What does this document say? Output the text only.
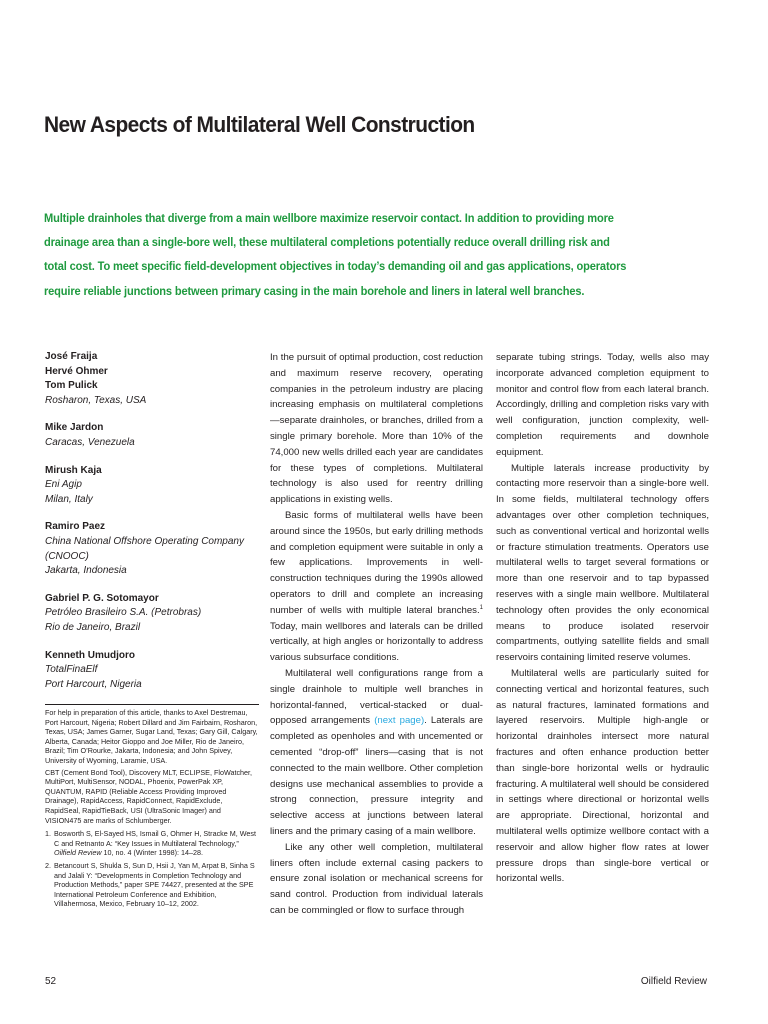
New Aspects of Multilateral Well Construction

Multiple drainholes that diverge from a main wellbore maximize reservoir contact. In addition to providing more
drainage area than a single-bore well, these multilateral completions potentially reduce overall drilling risk and
total cost. To meet specific field-development objectives in today’s demanding oil and gas applications, operators
require reliable junctions between primary casing in the main borehole and liners in lateral well branches.

José Fraija
Hervé Ohmer
Tom Pulick
Rosharon, Texas, USA
Mike Jardon
Caracas, Venezuela
Mirush Kaja
Eni Agip
Milan, Italy
Ramiro Paez
China National Offshore Operating Company
(CNOOC)
Jakarta, Indonesia
Gabriel P. G. Sotomayor
Petróleo Brasileiro S.A. (Petrobras)
Rio de Janeiro, Brazil
Kenneth Umudjoro
TotalFinaElf
Port Harcourt, Nigeria

For help in preparation of this article, thanks to Axel Destremau, Port Harcourt, Nigeria; Robert Dillard and Jim Fairbairn, Rosharon, Texas, USA; James Garner, Sugar Land, Texas; Gary Gill, Calgary, Alberta, Canada; Heitor Gioppo and Joe Miller, Rio de Janeiro, Brazil; Tim O’Rourke, Jakarta, Indonesia; and John Spivey, University of Wyoming, Laramie, USA.

CBT (Cement Bond Tool), Discovery MLT, ECLIPSE, FloWatcher, MultiPort, MultiSensor, NODAL, Phoenix, PowerPak XP, QUANTUM, RAPID (Reliable Access Providing Improved Drainage), RapidAccess, RapidConnect, RapidExclude, RapidSeal, RapidTieBack, USI (UltraSonic Imager) and VISION475 are marks of Schlumberger.

1. Bosworth S, El-Sayed HS, Ismail G, Ohmer H, Stracke M, West C and Retnanto A: “Key Issues in Multilateral Technology,” Oilfield Review 10, no. 4 (Winter 1998): 14–28.
2. Betancourt S, Shukla S, Sun D, Hsii J, Yan M, Arpat B, Sinha S and Jalali Y: “Developments in Completion Technology and Production Methods,” paper SPE 74427, presented at the SPE International Petroleum Conference and Exhibition, Villahermosa, Mexico, February 10–12, 2002.

In the pursuit of optimal production, cost reduction and maximum reserve recovery, operating companies in the petroleum industry are placing increasing emphasis on multilateral completions—separate drainholes, or branches, drilled from a single primary borehole. More than 10% of the 74,000 new wells drilled each year are candidates for these types of completions. Multilateral technology is also used for reentry drilling applications in existing wells.

Basic forms of multilateral wells have been around since the 1950s, but early drilling methods and completion equipment were suitable in only a few applications. Improvements in well-construction techniques during the 1990s allowed operators to drill and complete an increasing number of wells with multiple lateral branches.$^1$ Today, main wellbores and laterals can be drilled vertically, at high angles or horizontally to address various subsurface conditions.

Multilateral well configurations range from a single drainhole to multiple well branches in horizontal-fanned, vertical-stacked or dual-opposed arrangements (next page). Laterals are completed as openholes and with uncemented or cemented “drop-off” liners—casing that is not connected to the main wellbore. Other completion designs use mechanical assemblies to provide a strong connection, pressure integrity and selective access at junctions between lateral liners and the primary casing of a main wellbore.

Like any other well completion, multilateral liners often include external casing packers to ensure zonal isolation or mechanical screens for sand control. Production from individual laterals can be commingled or flow to surface through

separate tubing strings. Today, wells also may incorporate advanced completion equipment to monitor and control flow from each lateral branch. Accordingly, drilling and completion risks vary with well configuration, junction complexity, well-completion requirements and downhole equipment.

Multiple laterals increase productivity by contacting more reservoir than a single-bore well. In some fields, multilateral technology offers advantages over other completion techniques, such as conventional vertical and horizontal wells or fracture stimulation treatments. Operators use multilateral wells to target several formations or more than one reservoir and to tap bypassed reserves with a single main wellbore. Multilateral technology often provides the only economical means to produce isolated reservoir compartments, outlying satellite fields and small reservoirs containing limited reserve volumes.

Multilateral wells are particularly suited for connecting vertical and horizontal features, such as natural fractures, laminated formations and layered reservoirs. Multiple high-angle or horizontal drainholes intersect more natural fractures and often enhance production better than single-bore horizontal wells or hydraulic fracturing. A multilateral well should be considered in settings where directional or horizontal wells are appropriate. Directional, horizontal and multilateral wells optimize wellbore contact with a reservoir and allow higher flow rates at lower pressure drops than single-bore vertical or horizontal wells.

52	Oilfield Review
